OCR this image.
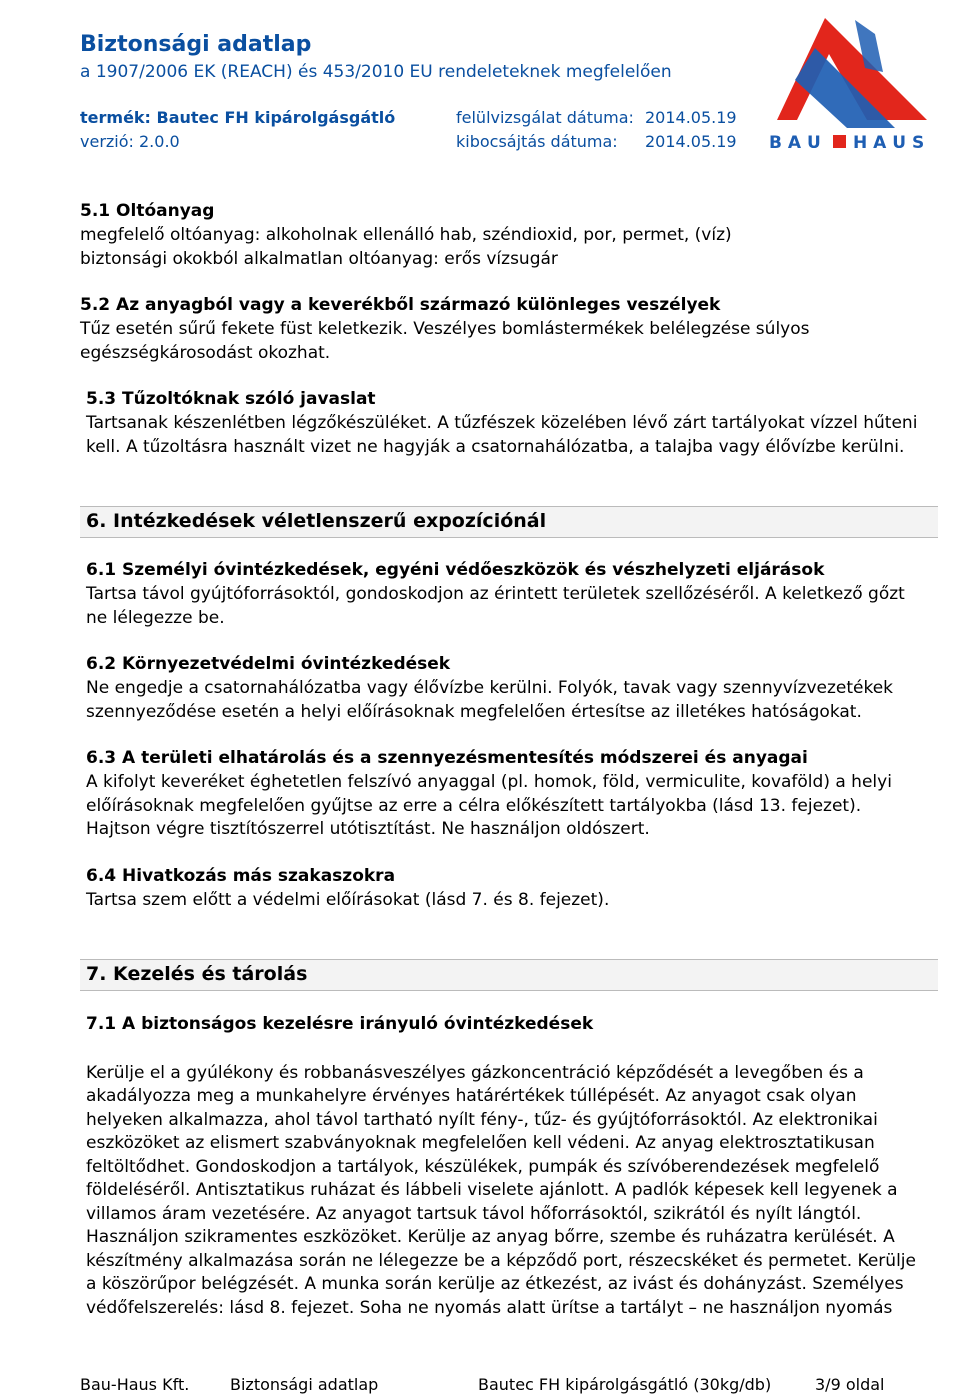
Biztonsági adatlap
a 1907/2006 EK (REACH) és 453/2010 EU rendeleteknek megfelelően
termék: Bautec FH kipárolgásgátló
verzió: 2.0.0
felülvizsgálat dátuma: 2014.05.19
kibocsájtás dátuma: 2014.05.19 B A U H A U S
5.1 Oltóanyag
megfelelő oltóanyag: alkoholnak ellenálló hab, széndioxid, por, permet, (víz)
biztonsági okokból alkalmatlan oltóanyag: erős vízsugár
5.2 Az anyagból vagy a keverékből származó különleges veszélyek
Tűz esetén sűrű fekete füst keletkezik. Veszélyes bomlástermékek belélegzése súlyos
egészségkárosodást okozhat.
5.3 Tűzoltóknak szóló javaslat
Tartsanak készenlétben légzőkészüléket. A tűzfészek közelében lévő zárt tartályokat vízzel hűteni
kell. A tűzoltásra használt vizet ne hagyják a csatornahálózatba, a talajba vagy élővízbe kerülni.
6. Intézkedések véletlenszerű expozíciónál
6.1 Személyi óvintézkedések, egyéni védőeszközök és vészhelyzeti eljárások
Tartsa távol gyújtóforrásoktól, gondoskodjon az érintett területek szellőzéséről. A keletkező gőzt
ne lélegezze be.
6.2 Környezetvédelmi óvintézkedések
Ne engedje a csatornahálózatba vagy élővízbe kerülni. Folyók, tavak vagy szennyvízvezetékek
szennyeződése esetén a helyi előírásoknak megfelelően értesítse az illetékes hatóságokat.
6.3 A területi elhatárolás és a szennyezésmentesítés módszerei és anyagai
A kifolyt keveréket éghetetlen felszívó anyaggal (pl. homok, föld, vermiculite, kovaföld) a helyi
előírásoknak megfelelően gyűjtse az erre a célra előkészített tartályokba (lásd 13. fejezet).
Hajtson végre tisztítószerrel utótisztítást. Ne használjon oldószert.
6.4 Hivatkozás más szakaszokra
Tartsa szem előtt a védelmi előírásokat (lásd 7. és 8. fejezet).
7. Kezelés és tárolás
7.1 A biztonságos kezelésre irányuló óvintézkedések
Kerülje el a gyúlékony és robbanásveszélyes gázkoncentráció képződését a levegőben és a
akadályozza meg a munkahelyre érvényes határértékek túllépését. Az anyagot csak olyan
helyeken alkalmazza, ahol távol tartható nyílt fény-, tűz- és gyújtóforrásoktól. Az elektronikai
eszközöket az elismert szabványoknak megfelelően kell védeni. Az anyag elektrosztatikusan
feltöltődhet. Gondoskodjon a tartályok, készülékek, pumpák és szívóberendezések megfelelő
földeléséről. Antisztatikus ruházat és lábbeli viselete ajánlott. A padlók képesek kell legyenek a
villamos áram vezetésére. Az anyagot tartsuk távol hőforrásoktól, szikrától és nyílt lángtól.
Használjon szikramentes eszközöket. Kerülje az anyag bőrre, szembe és ruházatra kerülését. A
készítmény alkalmazása során ne lélegezze be a képződő port, részecskéket és permetet. Kerülje
a köszörűpor belégzését. A munka során kerülje az étkezést, az ivást és dohányzást. Személyes
védőfelszerelés: lásd 8. fejezet. Soha ne nyomás alatt ürítse a tartályt – ne használjon nyomás
Bau-Haus Kft.	Biztonsági adatlap	Bautec FH kipárolgásgátló (30kg/db)	3/9 oldal
